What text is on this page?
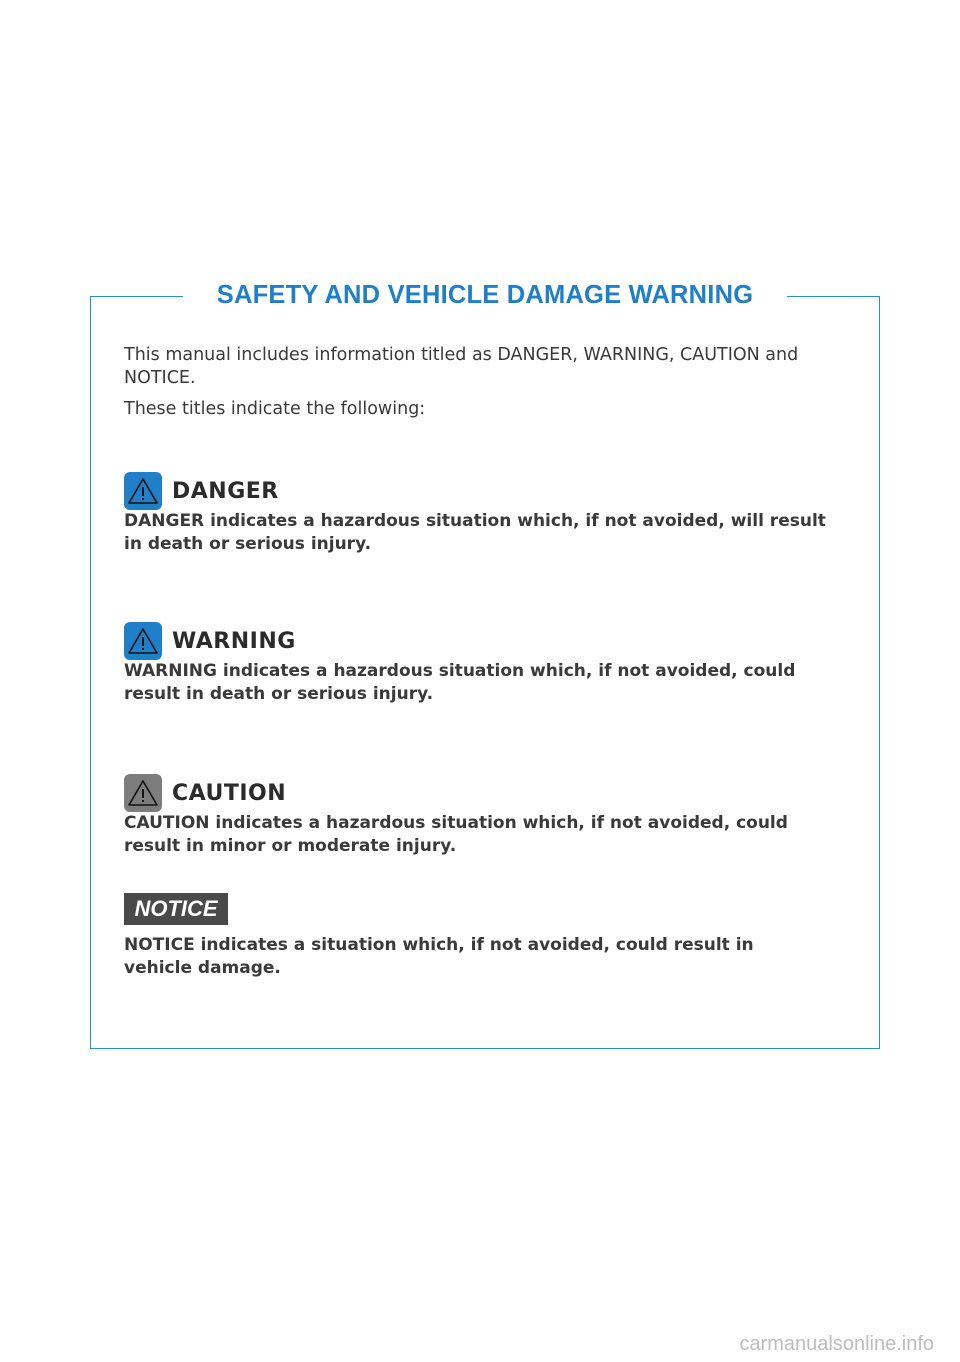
SAFETY AND VEHICLE DAMAGE WARNING

This manual includes information titled as DANGER, WARNING, CAUTION and NOTICE.

These titles indicate the following:

DANGER
DANGER indicates a hazardous situation which, if not avoided, will result in death or serious injury.
WARNING
WARNING indicates a hazardous situation which, if not avoided, could result in death or serious injury.
CAUTION
CAUTION indicates a hazardous situation which, if not avoided, could result in minor or moderate injury.
NOTICE
NOTICE indicates a situation which, if not avoided, could result in vehicle damage.
carmanualsonline.info
